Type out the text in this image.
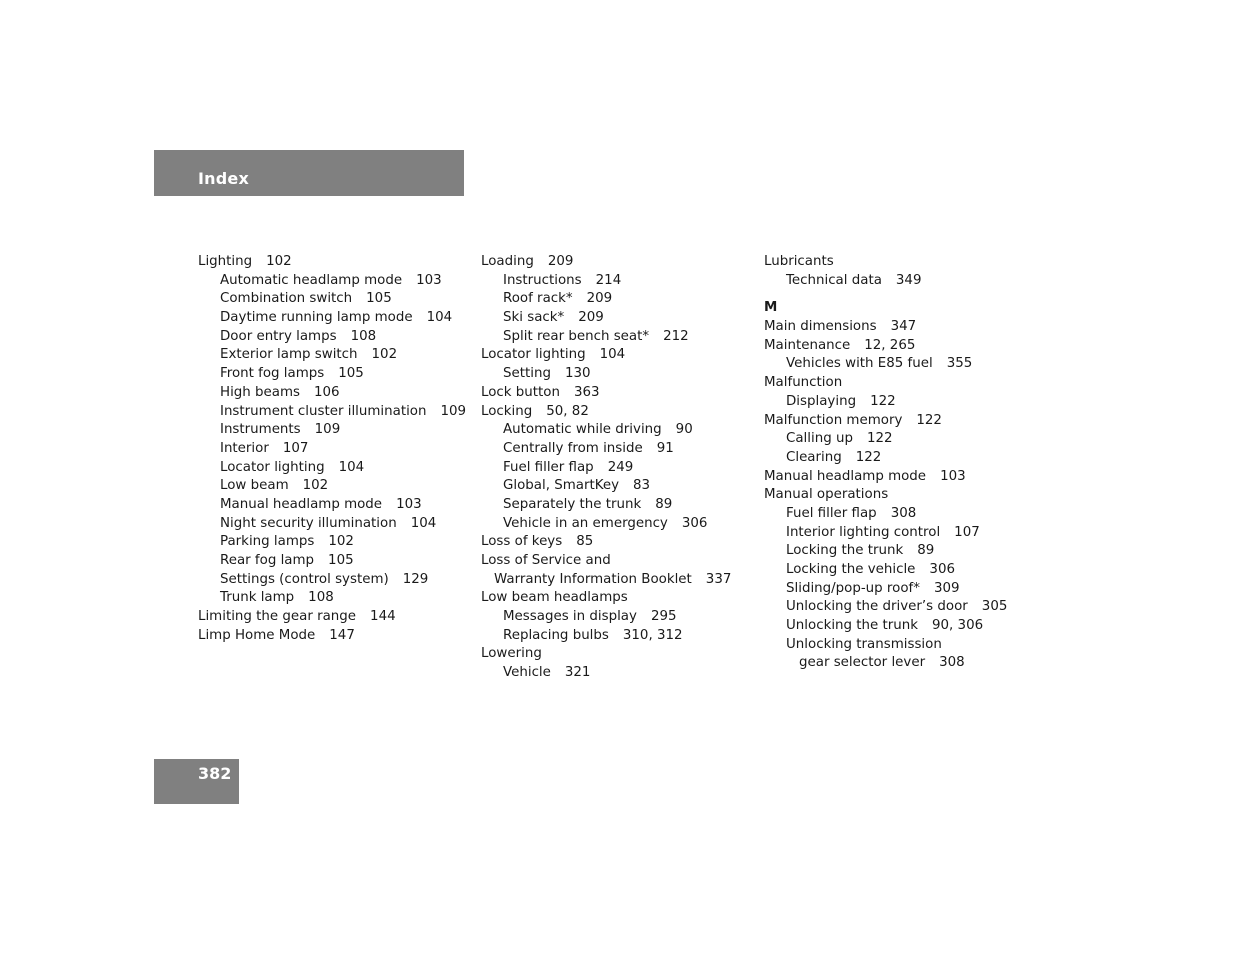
Index
Lighting 102
Automatic headlamp mode 103
Combination switch 105
Daytime running lamp mode 104
Door entry lamps 108
Exterior lamp switch 102
Front fog lamps 105
High beams 106
Instrument cluster illumination 109
Instruments 109
Interior 107
Locator lighting 104
Low beam 102
Manual headlamp mode 103
Night security illumination 104
Parking lamps 102
Rear fog lamp 105
Settings (control system) 129
Trunk lamp 108
Limiting the gear range 144
Limp Home Mode 147
Loading 209
Instructions 214
Roof rack* 209
Ski sack* 209
Split rear bench seat* 212
Locator lighting 104
Setting 130
Lock button 363
Locking 50, 82
Automatic while driving 90
Centrally from inside 91
Fuel filler flap 249
Global, SmartKey 83
Separately the trunk 89
Vehicle in an emergency 306
Loss of keys 85
Loss of Service and
Warranty Information Booklet 337
Low beam headlamps
Messages in display 295
Replacing bulbs 310, 312
Lowering
Vehicle 321
Lubricants
Technical data 349
M
Main dimensions 347
Maintenance 12, 265
Vehicles with E85 fuel 355
Malfunction
Displaying 122
Malfunction memory 122
Calling up 122
Clearing 122
Manual headlamp mode 103
Manual operations
Fuel filler flap 308
Interior lighting control 107
Locking the trunk 89
Locking the vehicle 306
Sliding/pop-up roof* 309
Unlocking the driver’s door 305
Unlocking the trunk 90, 306
Unlocking transmission
gear selector lever 308
382
